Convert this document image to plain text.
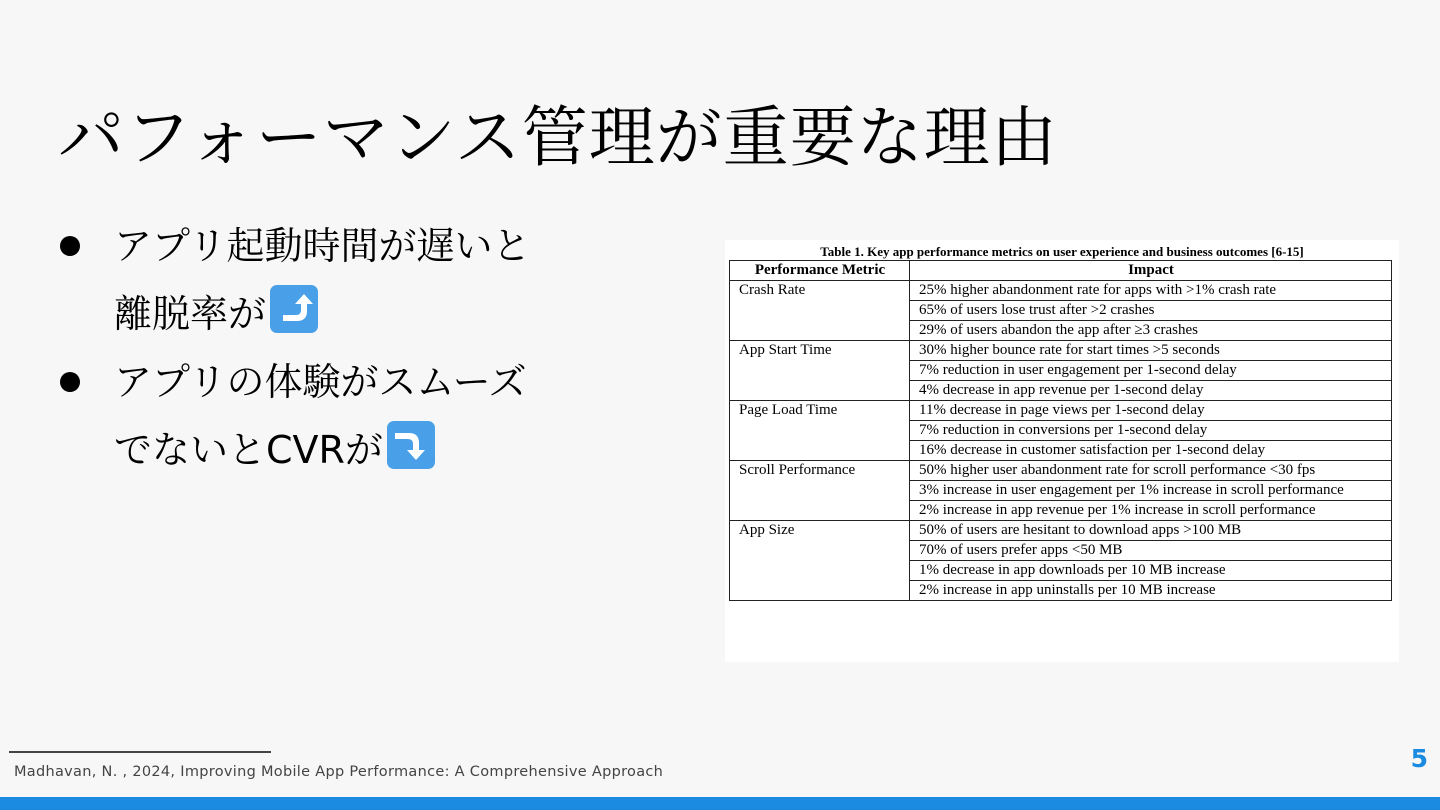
パフォーマンス管理が重要な理由
アプリ起動時間が遅いと
離脱率が
アプリの体験がスムーズ
でないとCVRが
Table 1. Key app performance metrics on user experience and business outcomes [6-15]
Performance Metric	Impact
Crash Rate	25% higher abandonment rate for apps with >1% crash rate
	65% of users lose trust after >2 crashes
	29% of users abandon the app after ≥3 crashes
App Start Time	30% higher bounce rate for start times >5 seconds
	7% reduction in user engagement per 1-second delay
	4% decrease in app revenue per 1-second delay
Page Load Time	11% decrease in page views per 1-second delay
	7% reduction in conversions per 1-second delay
	16% decrease in customer satisfaction per 1-second delay
Scroll Performance	50% higher user abandonment rate for scroll performance <30 fps
	3% increase in user engagement per 1% increase in scroll performance
	2% increase in app revenue per 1% increase in scroll performance
App Size	50% of users are hesitant to download apps >100 MB
	70% of users prefer apps <50 MB
	1% decrease in app downloads per 10 MB increase
	2% increase in app uninstalls per 10 MB increase
Madhavan, N. , 2024, Improving Mobile App Performance: A Comprehensive Approach	5
